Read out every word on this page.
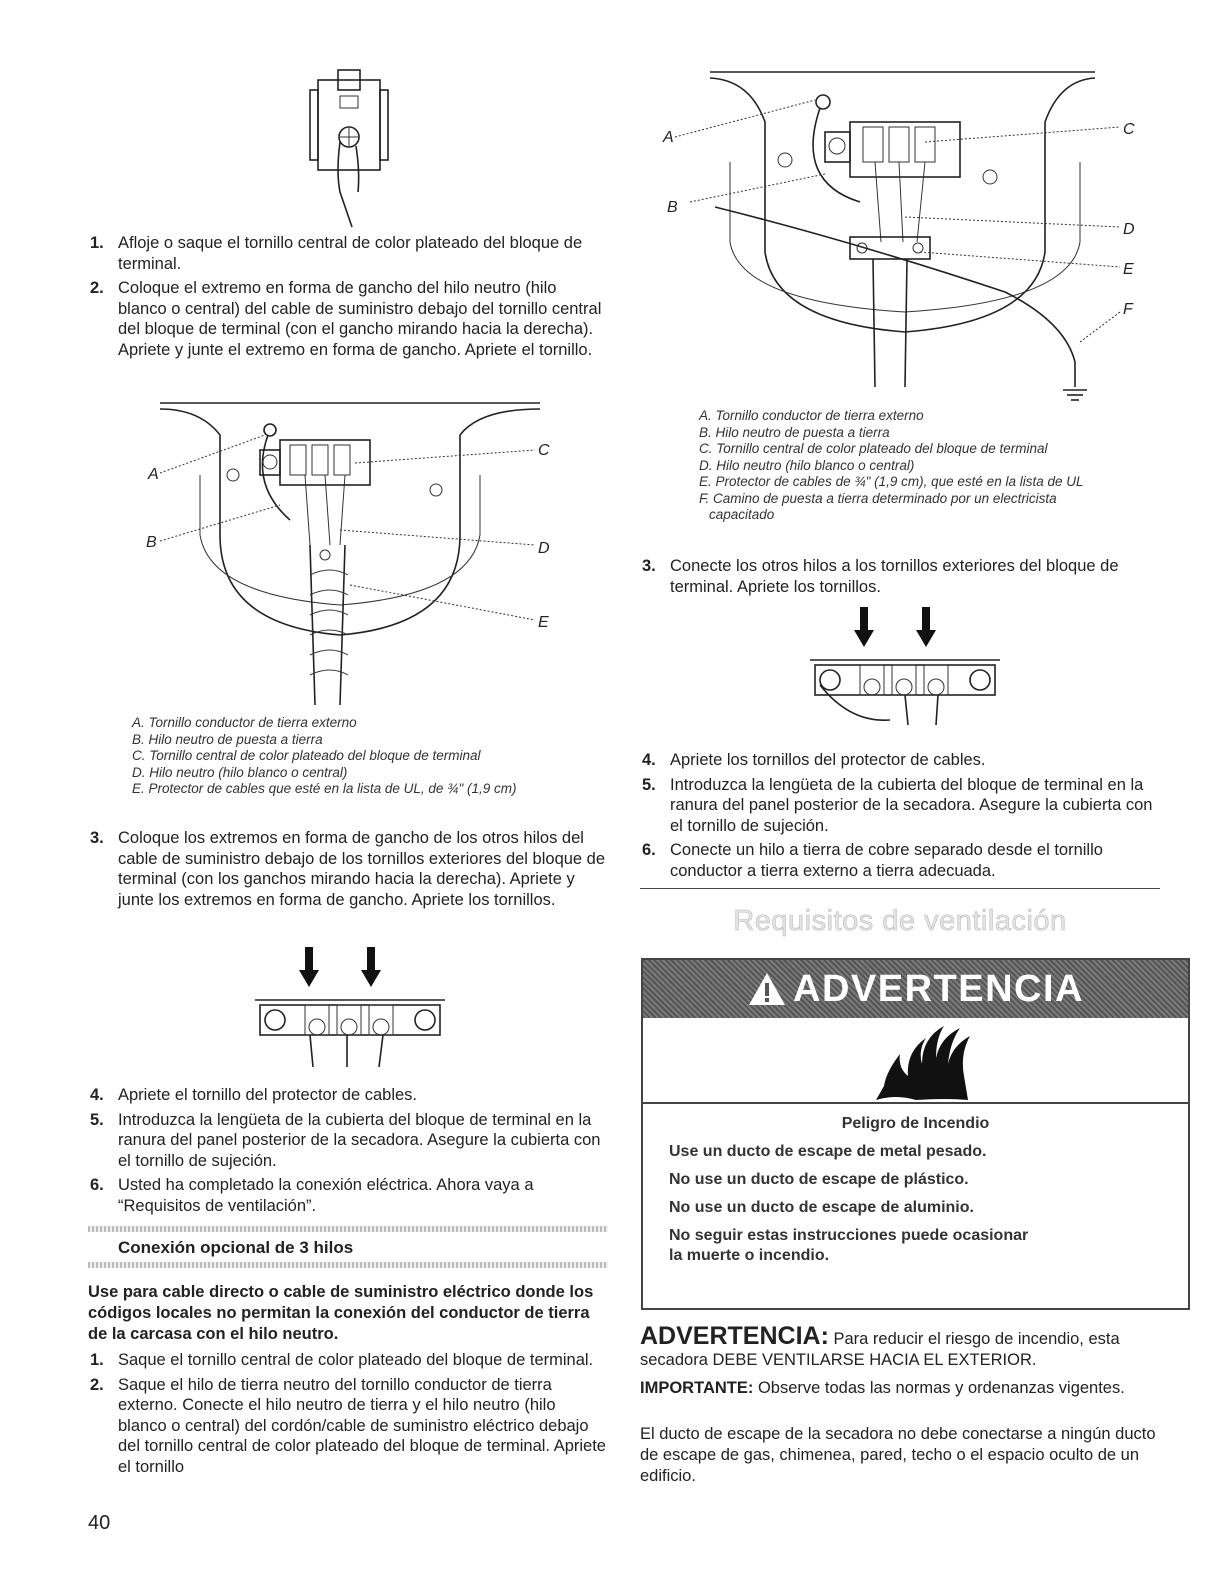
1. Afloje o saque el tornillo central de color plateado del bloque de terminal.
2. Coloque el extremo en forma de gancho del hilo neutro (hilo blanco o central) del cable de suministro debajo del tornillo central del bloque de terminal (con el gancho mirando hacia la derecha). Apriete y junte el extremo en forma de gancho. Apriete el tornillo.
A
B
C
D
E
A. Tornillo conductor de tierra externo
B. Hilo neutro de puesta a tierra
C. Tornillo central de color plateado del bloque de terminal
D. Hilo neutro (hilo blanco o central)
E. Protector de cables que esté en la lista de UL, de ¾" (1,9 cm)
3. Coloque los extremos en forma de gancho de los otros hilos del cable de suministro debajo de los tornillos exteriores del bloque de terminal (con los ganchos mirando hacia la derecha). Apriete y junte los extremos en forma de gancho. Apriete los tornillos.
4. Apriete el tornillo del protector de cables.
5. Introduzca la lengüeta de la cubierta del bloque de terminal en la ranura del panel posterior de la secadora. Asegure la cubierta con el tornillo de sujeción.
6. Usted ha completado la conexión eléctrica. Ahora vaya a “Requisitos de ventilación”.
Conexión opcional de 3 hilos
Use para cable directo o cable de suministro eléctrico donde los códigos locales no permitan la conexión del conductor de tierra de la carcasa con el hilo neutro.
1. Saque el tornillo central de color plateado del bloque de terminal.
2. Saque el hilo de tierra neutro del tornillo conductor de tierra externo. Conecte el hilo neutro de tierra y el hilo neutro (hilo blanco o central) del cordón/cable de suministro eléctrico debajo del tornillo central de color plateado del bloque de terminal. Apriete el tornillo
40
A
B
C
D
E
F
A. Tornillo conductor de tierra externo
B. Hilo neutro de puesta a tierra
C. Tornillo central de color plateado del bloque de terminal
D. Hilo neutro (hilo blanco o central)
E. Protector de cables de ¾" (1,9 cm), que esté en la lista de UL
F. Camino de puesta a tierra determinado por un electricista
capacitado
3. Conecte los otros hilos a los tornillos exteriores del bloque de terminal. Apriete los tornillos.
4. Apriete los tornillos del protector de cables.
5. Introduzca la lengüeta de la cubierta del bloque de terminal en la ranura del panel posterior de la secadora. Asegure la cubierta con el tornillo de sujeción.
6. Conecte un hilo a tierra de cobre separado desde el tornillo conductor a tierra externo a tierra adecuada.
Requisitos de ventilación
ADVERTENCIA

Peligro de Incendio

Use un ducto de escape de metal pesado.

No use un ducto de escape de plástico.

No use un ducto de escape de aluminio.

No seguir estas instrucciones puede ocasionar

la muerte o incendio.

ADVERTENCIA: Para reducir el riesgo de incendio, esta secadora DEBE VENTILARSE HACIA EL EXTERIOR.
IMPORTANTE: Observe todas las normas y ordenanzas vigentes.
El ducto de escape de la secadora no debe conectarse a ningún ducto de escape de gas, chimenea, pared, techo o el espacio oculto de un edificio.
